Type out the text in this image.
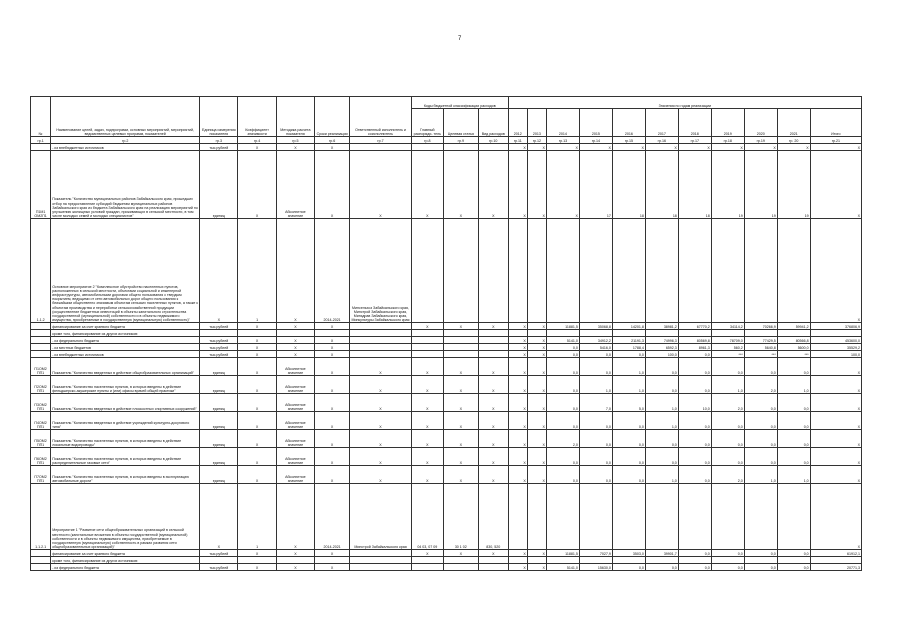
7
№	Наименование целей, задач, подпрограмм, основных мероприятий, мероприятий, ведомственных целевых программ, показателей	Единица измерения показателя	Коэффициент значимости	Методика расчета показателя	Сроки реализации	Ответственный исполнитель и соисполнитель	Коды бюджетной классификации расходов			Значения по годам реализации										
							Главный распоряди- тель	Целевая статья	Вид расходов	2012	2013	2014	2015	2016	2017	2018	2019	2020	2021	Итого
гр.1	гр.2	гр.3	гр.4	гр.5	гр.6	гр.7	гр.8	гр.9	гр.10	гр.11	гр.12	гр.13	гр.14	гр.15	гр.16	гр.17	гр.18	гр.19	гр. 20	гр.21
	- из внебюджетных источников	тыс.рублей	Х	Х	Х					Х	Х	Х	Х	Х	Х	Х	Х	Х	Х	Х
П1М1 ОМ2П1	Показатель "Количество муниципальных районов Забайкальского края, прошедших отбор на предоставление субсидий бюджетам муниципальных районов Забайкальского края из бюджета Забайкальского края на реализацию мероприятий по улучшению жилищных условий граждан, проживающих в сельской местности, в том числе молодых семей и молодых специалистов"	единиц	Х	Абсолютное значение	Х	Х	Х	Х	Х	Х	Х	Х	17	18	18	18	19	19	19	Х
1.1.2	Основное мероприятие 2 "Комплексное обустройство населенных пунктов, расположенных в сельской местности, объектами социальной и инженерной инфраструктуры, автомобильными дорогами общего пользования с твердым покрытием, ведущими от сети автомобильных дорог общего пользования к ближайшим общественно значимым объектам сельских населенных пунктов, а также к объектам производства и переработки сельскохозяйственной продукции (осуществление бюджетных инвестиций в объекты капитального строительства государственной (муниципальной) собственности и в объекты недвижимого имущества, приобретаемые в государственную (муниципальную) собственность)"	Х	1	Х	2014-2021	Минсельхоз Забайкальского края, Минстрой Забайкальского края, Минздрав Забайкальского края, Минкультуры Забайкальского края														Х
	финансирование за счет краевого бюджета	тыс.рублей	Х	Х	Х		Х	Х	Х	Х	Х	11881,5	35068,8	14201,8	38981,2	67770,2	34114,2	70266,9	59941,2	376806,9
	кроме того, финансирование из других источников:																			
	- из федерального бюджета	тыс.рублей	Х	Х	Х					Х	Х	5141,0	34912,2	21191,3	74996,3	80569,8	78709,0	77429,5	80566,8	453600,0
	- из местных бюджетов	тыс.рублей	Х	Х	Х					Х	Х	0,0	5416,0	1788,4	6592,3	8961,3	560,2	5640,8	5600,0	35529,2
	- из внебюджетных источников	тыс.рублей	Х	Х	Х					Х	Х	0,0	0,0	0,0	100,0	0,0	***	***	***	100,0
П1ОМ2 ПП1	Показатель "Количество введенных в действие общеобразовательных организаций"	единиц	Х	Абсолютное значение	Х	Х	Х	Х	Х	Х	Х	0,0	0,0	1,0	0,0	0,0	0,0	0,0	0,0	Х
П2ОМ2 ПП1	Показатель "Количество населенных пунктов, в которых введены в действие фельдшерско-акушерские пункты и (или) офисы врачей общей практики"	единиц	Х	Абсолютное значение	Х	Х	Х	Х	Х	Х	Х	0,0	1,0	1,0	0,0	0,0	1,0	2,0	1,0	Х
П3ОМ2 ПП1	Показатель "Количество введенных в действие плоскостных спортивных сооружений"	единиц	Х	Абсолютное значение	Х	Х	Х	Х	Х	Х	Х	0,0	7,0	5,0	1,0	10,0	2,0	0,0	0,0	Х
П4ОМ2 ПП1	Показатель "Количество введенных в действие учреждений культурно-досугового типа"	единиц	Х	Абсолютное значение	Х	Х	Х	Х	Х	Х	Х	0,0	0,0	0,0	1,0	0,0	0,0	0,0	0,0	Х
П5ОМ2 ПП1	Показатель "Количество населенных пунктов, в которых введены в действие локальные водопроводы"	единиц	Х	Абсолютное значение	Х	Х	Х	Х	Х	Х	Х	2,0	0,0	0,0	0,0	0,0	0,0	0,0	0,0	Х
П6ОМ2 ПП1	Показатель "Количество населенных пунктов, в которых введены в действие распределительные газовые сети"	единиц	Х	Абсолютное значение	Х	Х	Х	Х	Х	Х	Х	0,0	0,0	0,0	0,0	0,0	0,0	0,0	0,0	Х
П7ОМ2 ПП1	Показатель "Количество населенных пунктов, в которых введены в эксплуатацию автомобильные дороги"	единиц	Х	Абсолютное значение	Х	Х	Х	Х	Х	Х	Х	0,0	0,0	0,0	1,0	0,0	2,0	1,0	1,0	Х
1.1.2.1	Мероприятие 1 "Развитие сети общеобразовательных организаций в сельской местности (капитальные вложения в объекты государственной (муниципальной) собственности и в объекты недвижимого имущества, приобретаемые в государственную (муниципальную) собственность в рамках развития сети общеобразовательных организаций)"	Х	1	Х	2014-2021	Минстрой Забайкальского края	04 03, 07 09	30 1 02	830, 520											Х
	финансирование за счет краевого бюджета	тыс.рублей	Х	Х	Х		Х	Х	Х	Х	Х	11881,5	7027,9	3503,0	39901,7	0,0	0,0	0,0	0,0	61912,1
	кроме того, финансирование из других источников:																			
	- из федерального бюджета	тыс.рублей	Х	Х	Х					Х	Х	5141,0	15630,0	0,0	0,0	0,0	0,0	0,0	0,0	20771,3
